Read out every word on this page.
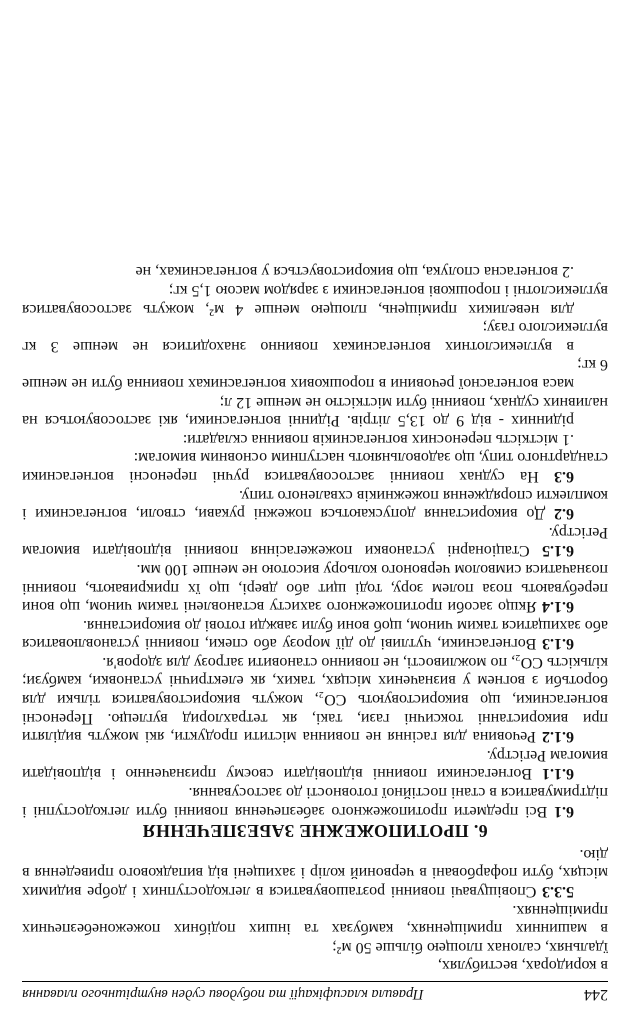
244
Правила класифікації та побудови суден внутрішнього плавання

в коридорах, вестибулях,

їдальнях, салонах площею більше 50 м²;

в машинних приміщеннях, камбузах та інших подібних пожежонебезпечних приміщеннях.

5.3.3 Сповіщувачі повинні розташовуватися в легкодоступних і добре видимих місцях, бути пофарбовані в червоний колір і захищені від випадкового приведення в дію.

6. ПРОТИПОЖЕЖНЕ ЗАБЕЗПЕЧЕННЯ

6.1 Всі предмети протипожежного забезпечення повинні бути легкодоступні і підтримуватися в стані постійної готовності до застосування.

6.1.1 Вогнегасники повинні відповідати своєму призначенню і відповідати вимогам Регістру.

6.1.2 Речовина для гасіння не повинна містити продукти, які можуть виділяти при використанні токсичні гази, такі, як тетрахлорид вуглецю. Переносні вогнегасники, що використовують CO₂, можуть використовуватися тільки для боротьби з вогнем у визначених місцях, таких, як електричні установки, камбузи; кількість CO₂, по можливості, не повинно становити загрозу для здоров'я.

6.1.3 Вогнегасники, чутливі до дії морозу або спеки, повинні установлюватися або захищатися таким чином, щоб вони були завжди готові до використання.

6.1.4 Якщо засоби протипожежного захисту встановлені таким чином, що вони перебувають поза полем зору, тоді щит або двері, що їх прикривають, повинні позначатися символом червоного кольору висотою не менше 100 мм.

6.1.5 Стаціонарні установки пожежегасіння повинні відповідати вимогам Регістру.

6.2 До використання допускаються пожежні рукави, стволи, вогнегасники і комплекти спорядження пожежників схваленого типу.

6.3 На суднах повинні застосовуватися ручні переносні вогнегасники стандартного типу, що задовольняють наступним основним вимогам:

.1 місткість переносних вогнегасників повинна складати:

рідинних - від 9 до 13,5 літрів. Рідинні вогнегасники, які застосовуються на наливних суднах, повинні бути місткістю не менше 12 л;

маса вогнегасної речовини в порошкових вогнегасниках повинна бути не менше 6 кг;

в вуглекислотних вогнегасниках повинно знаходитися не менше 3 кг вуглекислого газу;

для невеликих приміщень, площею менше 4 м², можуть застосовуватися вуглекислотні і порошкові вогнегасники з зарядом масою 1,5 кг;

.2 вогнегасна сполука, що використовується у вогнегасниках, не
